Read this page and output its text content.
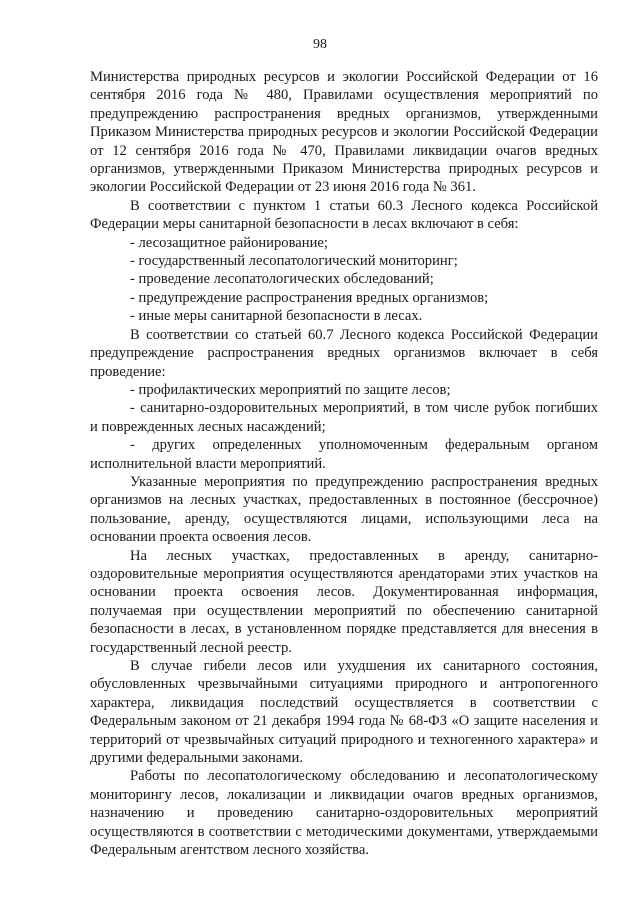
98

Министерства природных ресурсов и экологии Российской Федерации от 16 сентября 2016 года № 480, Правилами осуществления мероприятий по предупреждению распространения вредных организмов, утвержденными Приказом Министерства природных ресурсов и экологии Российской Федерации от 12 сентября 2016 года № 470, Правилами ликвидации очагов вредных организмов, утвержденными Приказом Министерства природных ресурсов и экологии Российской Федерации от 23 июня 2016 года № 361.

В соответствии с пунктом 1 статьи 60.3 Лесного кодекса Российской Федерации меры санитарной безопасности в лесах включают в себя:

- лесозащитное районирование;

- государственный лесопатологический мониторинг;

- проведение лесопатологических обследований;

- предупреждение распространения вредных организмов;

- иные меры санитарной безопасности в лесах.

В соответствии со статьей 60.7 Лесного кодекса Российской Федерации предупреждение распространения вредных организмов включает в себя проведение:

- профилактических мероприятий по защите лесов;

- санитарно-оздоровительных мероприятий, в том числе рубок погибших и поврежденных лесных насаждений;

- других определенных уполномоченным федеральным органом исполнительной власти мероприятий.

Указанные мероприятия по предупреждению распространения вредных организмов на лесных участках, предоставленных в постоянное (бессрочное) пользование, аренду, осуществляются лицами, использующими леса на основании проекта освоения лесов.

На лесных участках, предоставленных в аренду, санитарно-оздоровительные мероприятия осуществляются арендаторами этих участков на основании проекта освоения лесов. Документированная информация, получаемая при осуществлении мероприятий по обеспечению санитарной безопасности в лесах, в установленном порядке представляется для внесения в государственный лесной реестр.

В случае гибели лесов или ухудшения их санитарного состояния, обусловленных чрезвычайными ситуациями природного и антропогенного характера, ликвидация последствий осуществляется в соответствии с Федеральным законом от 21 декабря 1994 года № 68-ФЗ «О защите населения и территорий от чрезвычайных ситуаций природного и техногенного характера» и другими федеральными законами.

Работы по лесопатологическому обследованию и лесопатологическому мониторингу лесов, локализации и ликвидации очагов вредных организмов, назначению и проведению санитарно-оздоровительных мероприятий осуществляются в соответствии с методическими документами, утверждаемыми Федеральным агентством лесного хозяйства.
